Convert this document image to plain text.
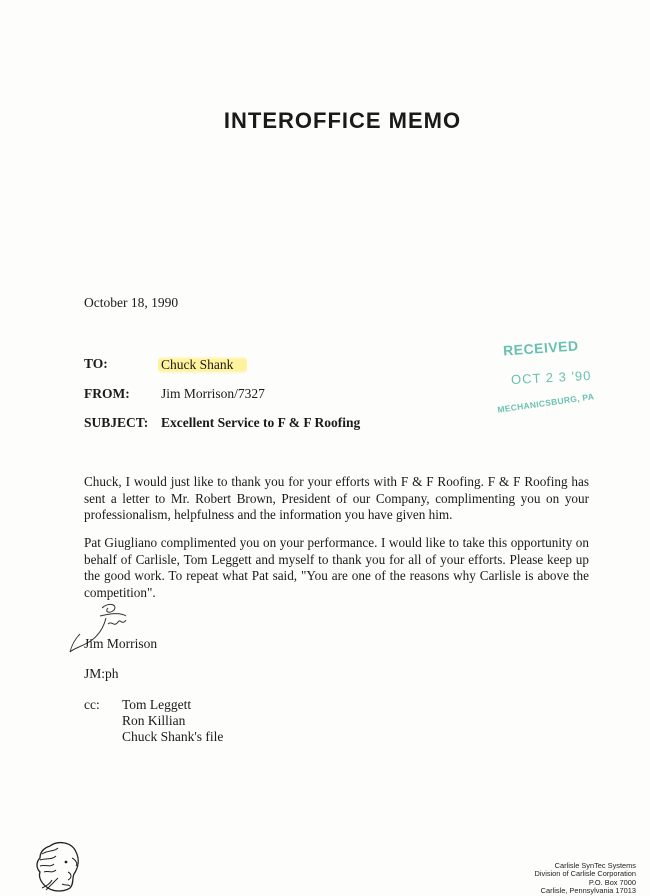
INTEROFFICE MEMO
October 18, 1990
TO:	Chuck Shank
FROM:	Jim Morrison/7327
SUBJECT: Excellent Service to F & F Roofing
RECEIVED
OCT 2 3 '90
MECHANICSBURG, PA
Chuck, I would just like to thank you for your efforts with F & F Roofing. F & F Roofing has sent a letter to Mr. Robert Brown, President of our Company, complimenting you on your professionalism, helpfulness and the information you have given him.
Pat Giugliano complimented you on your performance. I would like to take this opportunity on behalf of Carlisle, Tom Leggett and myself to thank you for all of your efforts. Please keep up the good work. To repeat what Pat said, "You are one of the reasons why Carlisle is above the competition".
Jim Morrison
JM:ph
cc: Tom Leggett
Ron Killian
Chuck Shank's file
Carlisle SynTec Systems
Division of Carlisle Corporation
P.O. Box 7000
Carlisle, Pennsylvania 17013
